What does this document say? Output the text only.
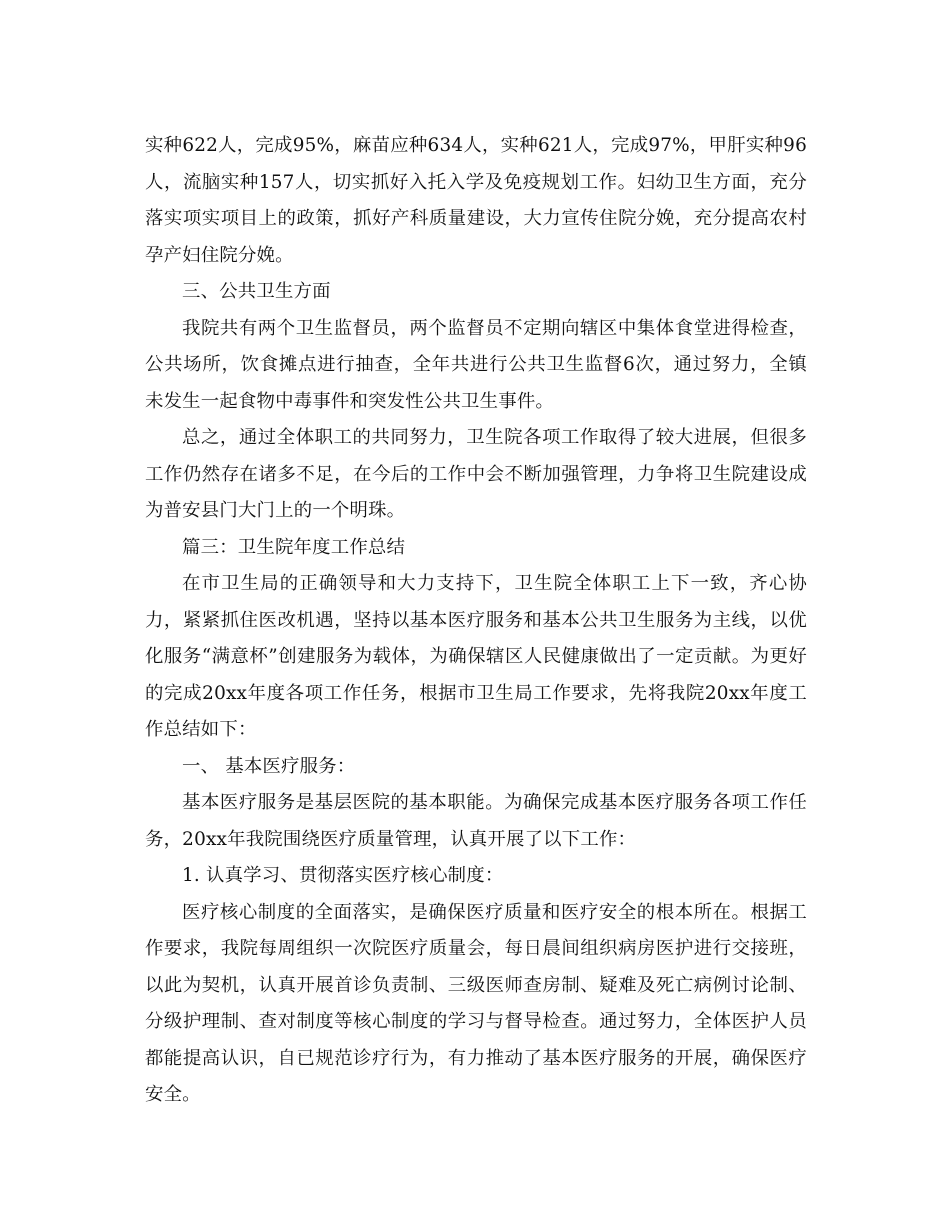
实种622人，完成95%，麻苗应种634人，实种621人，完成97%，甲肝实种96人，流脑实种157人，切实抓好入托入学及免疫规划工作。妇幼卫生方面，充分落实项实项目上的政策，抓好产科质量建设，大力宣传住院分娩，充分提高农村孕产妇住院分娩。

三、公共卫生方面

我院共有两个卫生监督员，两个监督员不定期向辖区中集体食堂进得检查，公共场所，饮食摊点进行抽查，全年共进行公共卫生监督6次，通过努力，全镇未发生一起食物中毒事件和突发性公共卫生事件。

总之，通过全体职工的共同努力，卫生院各项工作取得了较大进展，但很多工作仍然存在诸多不足，在今后的工作中会不断加强管理，力争将卫生院建设成为普安县门大门上的一个明珠。

篇三：卫生院年度工作总结

在市卫生局的正确领导和大力支持下，卫生院全体职工上下一致，齐心协力，紧紧抓住医改机遇，坚持以基本医疗服务和基本公共卫生服务为主线，以优化服务“满意杯”创建服务为载体，为确保辖区人民健康做出了一定贡献。为更好的完成20xx年度各项工作任务，根据市卫生局工作要求，先将我院20xx年度工作总结如下：

一、 基本医疗服务：

基本医疗服务是基层医院的基本职能。为确保完成基本医疗服务各项工作任务，20xx年我院围绕医疗质量管理，认真开展了以下工作：

1. 认真学习、贯彻落实医疗核心制度：

医疗核心制度的全面落实，是确保医疗质量和医疗安全的根本所在。根据工作要求，我院每周组织一次院医疗质量会，每日晨间组织病房医护进行交接班，以此为契机，认真开展首诊负责制、三级医师查房制、疑难及死亡病例讨论制、分级护理制、查对制度等核心制度的学习与督导检查。通过努力，全体医护人员都能提高认识，自已规范诊疗行为，有力推动了基本医疗服务的开展，确保医疗安全。
